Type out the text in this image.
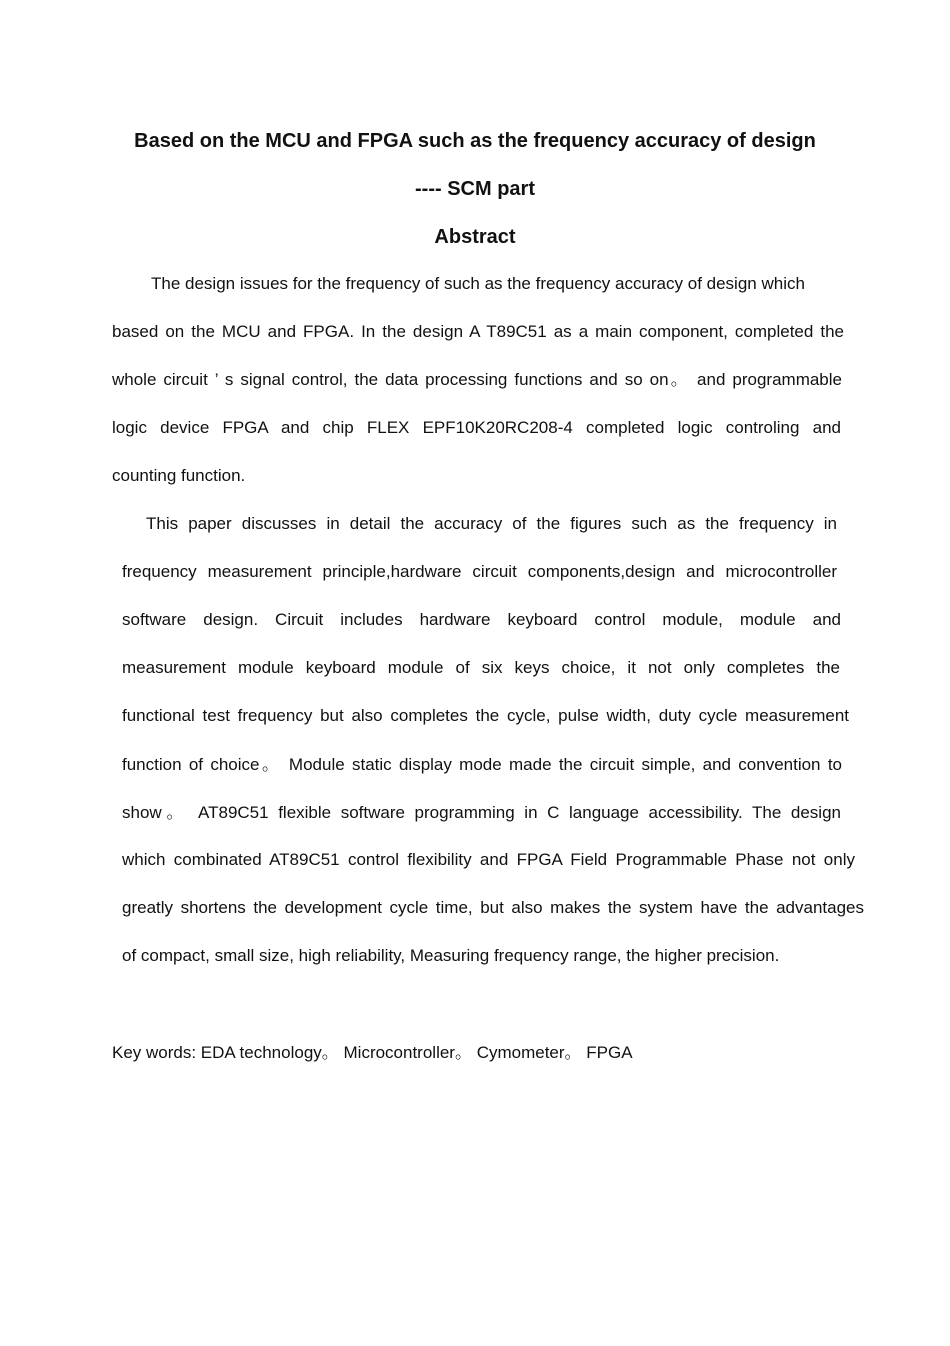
Based on the MCU and FPGA such as the frequency accuracy of design
---- SCM part
Abstract
The design issues for the frequency of such as the frequency accuracy of design which
based on the MCU and FPGA. In the design A T89C51 as a main component, completed the
whole circuit ’ s signal control, the data processing functions and so on。 and programmable
logic device FPGA and chip FLEX EPF10K20RC208-4 completed logic controling and
counting function.
This paper discusses in detail the accuracy of the figures such as the frequency in
frequency measurement principle,hardware circuit components,design and microcontroller
software design. Circuit includes hardware keyboard control module, module and
measurement module keyboard module of six keys choice, it not only completes the
functional test frequency but also completes the cycle, pulse width, duty cycle measurement
function of choice。 Module static display mode made the circuit simple, and convention to
show。 AT89C51 flexible software programming in C language accessibility. The design
which combinated AT89C51 control flexibility and FPGA Field Programmable Phase not only
greatly shortens the development cycle time, but also makes the system have the advantages
of compact, small size, high reliability, Measuring frequency range, the higher precision.
Key words: EDA technology。 Microcontroller。 Cymometer。 FPGA
